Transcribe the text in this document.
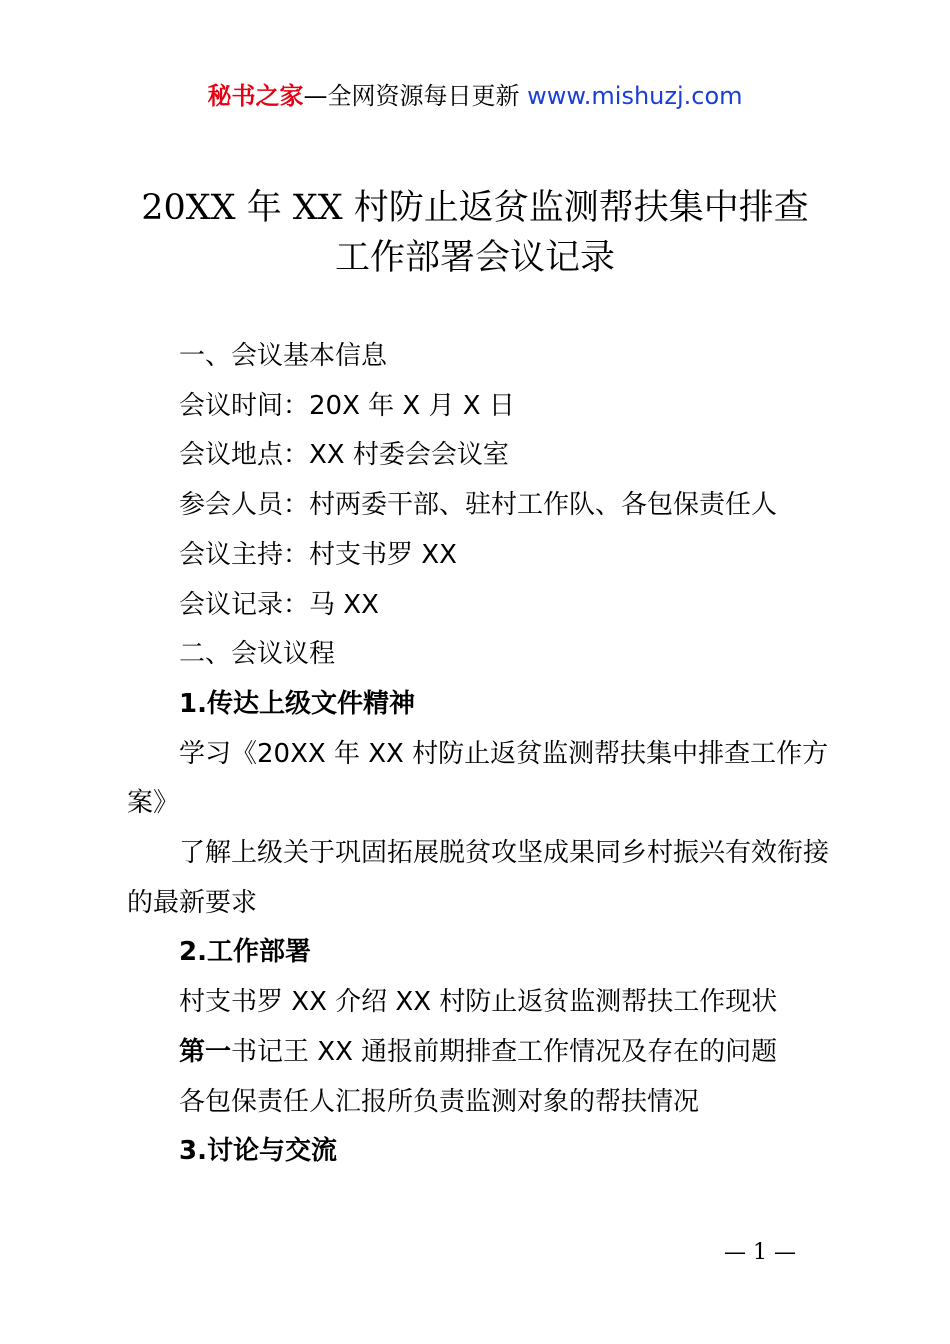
秘书之家—全网资源每日更新 www.mishuzj.com
20XX 年 XX 村防止返贫监测帮扶集中排查
工作部署会议记录

一、会议基本信息

会议时间：20X 年 X 月 X 日

会议地点：XX 村委会会议室

参会人员：村两委干部、驻村工作队、各包保责任人

会议主持：村支书罗 XX

会议记录：马 XX

二、会议议程

1.传达上级文件精神

学习《20XX 年 XX 村防止返贫监测帮扶集中排查工作方案》

了解上级关于巩固拓展脱贫攻坚成果同乡村振兴有效衔接的最新要求

2.工作部署

村支书罗 XX 介绍 XX 村防止返贫监测帮扶工作现状

第一书记王 XX 通报前期排查工作情况及存在的问题

各包保责任人汇报所负责监测对象的帮扶情况

3.讨论与交流

— 1 —
